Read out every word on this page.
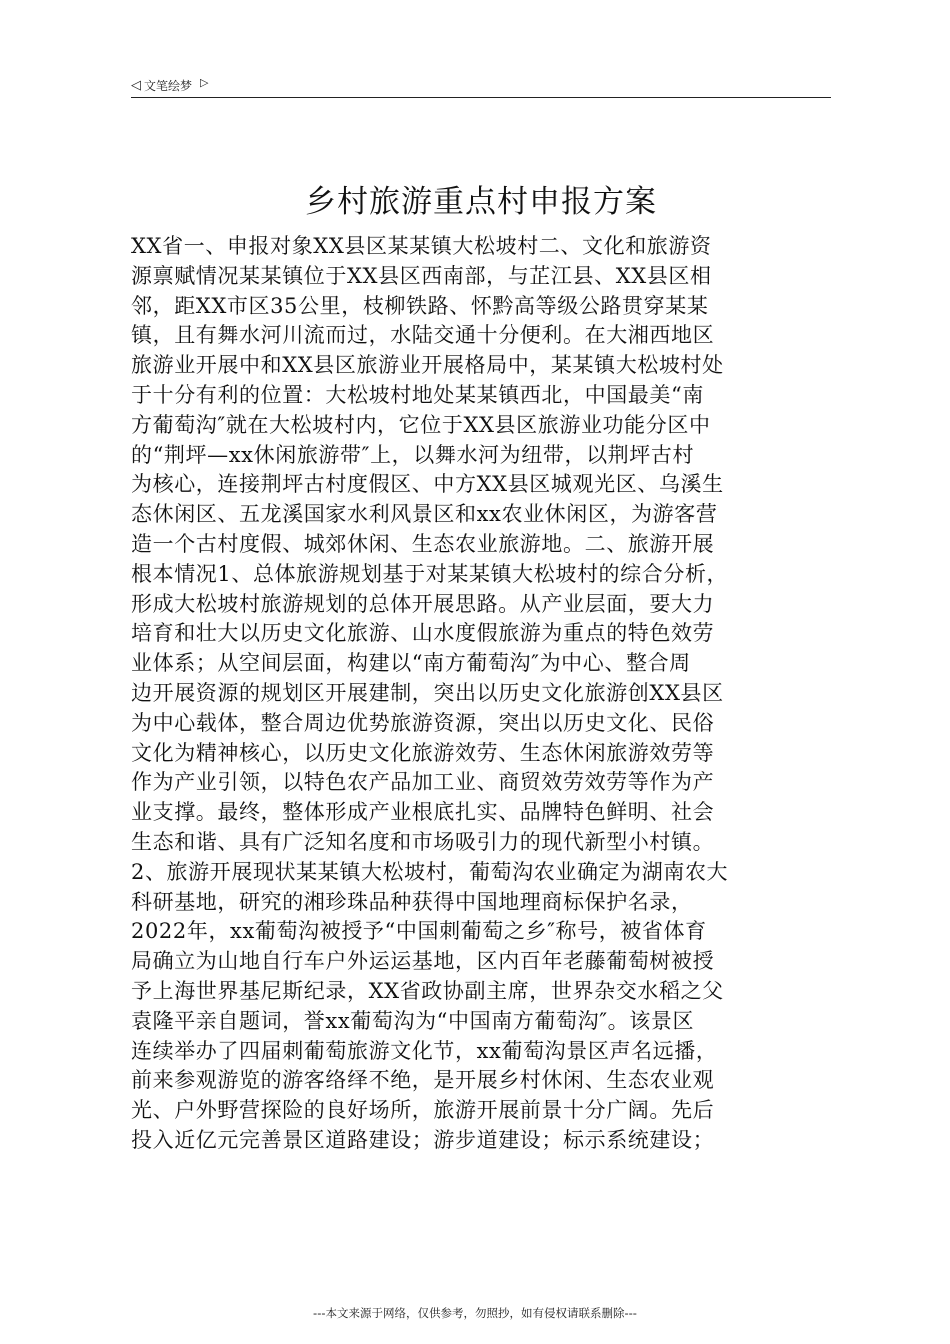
◁ 文笔绘梦 ▷
乡村旅游重点村申报方案
XX省一、申报对象XX县区某某镇大松坡村二、文化和旅游资
源禀赋情况某某镇位于XX县区西南部，与芷江县、XX县区相
邻，距XX市区35公里，枝柳铁路、怀黔高等级公路贯穿某某
镇，且有舞水河川流而过，水陆交通十分便利。在大湘西地区
旅游业开展中和XX县区旅游业开展格局中，某某镇大松坡村处
于十分有利的位置：大松坡村地处某某镇西北，中国最美“南
方葡萄沟″就在大松坡村内，它位于XX县区旅游业功能分区中
的“荆坪—xx休闲旅游带″上，以舞水河为纽带，以荆坪古村
为核心，连接荆坪古村度假区、中方XX县区城观光区、乌溪生
态休闲区、五龙溪国家水利风景区和xx农业休闲区，为游客营
造一个古村度假、城郊休闲、生态农业旅游地。二、旅游开展
根本情况1、总体旅游规划基于对某某镇大松坡村的综合分析，
形成大松坡村旅游规划的总体开展思路。从产业层面，要大力
培育和壮大以历史文化旅游、山水度假旅游为重点的特色效劳
业体系；从空间层面，构建以“南方葡萄沟″为中心、整合周
边开展资源的规划区开展建制，突出以历史文化旅游创XX县区
为中心载体，整合周边优势旅游资源，突出以历史文化、民俗
文化为精神核心，以历史文化旅游效劳、生态休闲旅游效劳等
作为产业引领，以特色农产品加工业、商贸效劳效劳等作为产
业支撑。最终，整体形成产业根底扎实、品牌特色鲜明、社会
生态和谐、具有广泛知名度和市场吸引力的现代新型小村镇。
2、旅游开展现状某某镇大松坡村，葡萄沟农业确定为湖南农大
科研基地，研究的湘珍珠品种获得中国地理商标保护名录，
2022年，xx葡萄沟被授予“中国刺葡萄之乡″称号，被省体育
局确立为山地自行车户外运运基地，区内百年老藤葡萄树被授
予上海世界基尼斯纪录，XX省政协副主席，世界杂交水稻之父
袁隆平亲自题词，誉xx葡萄沟为“中国南方葡萄沟″。该景区
连续举办了四届刺葡萄旅游文化节，xx葡萄沟景区声名远播，
前来参观游览的游客络绎不绝，是开展乡村休闲、生态农业观
光、户外野营探险的良好场所，旅游开展前景十分广阔。先后
投入近亿元完善景区道路建设；游步道建设；标示系统建设；
---本文来源于网络，仅供参考，勿照抄，如有侵权请联系删除---
